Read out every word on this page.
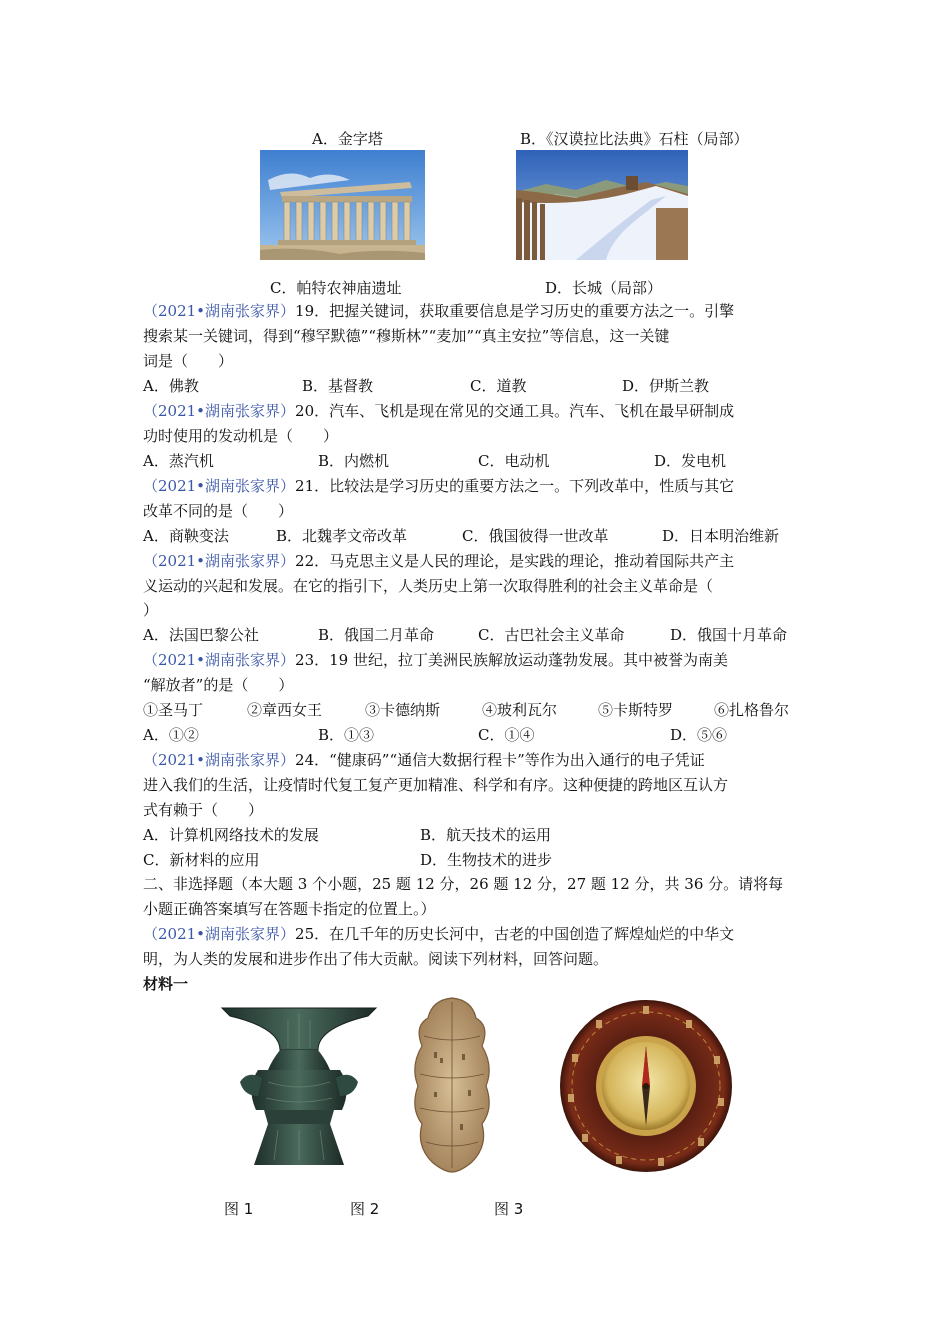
A．金字塔	B．《汉谟拉比法典》石柱（局部）
C．帕特农神庙遗址	D．长城（局部）
（2021•湖南张家界）19．把握关键词，获取重要信息是学习历史的重要方法之一。引擎
搜索某一关键词，得到“穆罕默德”“穆斯林”“麦加”“真主安拉”等信息，这一关键
词是（　　）
A．佛教	B．基督教	C．道教	D．伊斯兰教
（2021•湖南张家界）20．汽车、飞机是现在常见的交通工具。汽车、飞机在最早研制成
功时使用的发动机是（　　）
A．蒸汽机	B．内燃机	C．电动机	D．发电机
（2021•湖南张家界）21．比较法是学习历史的重要方法之一。下列改革中，性质与其它
改革不同的是（　　）
A．商鞅变法	B．北魏孝文帝改革	C．俄国彼得一世改革	D．日本明治维新
（2021•湖南张家界）22．马克思主义是人民的理论，是实践的理论，推动着国际共产主
义运动的兴起和发展。在它的指引下，人类历史上第一次取得胜利的社会主义革命是（
）
A．法国巴黎公社	B．俄国二月革命	C．古巴社会主义革命	D．俄国十月革命
（2021•湖南张家界）23．19 世纪，拉丁美洲民族解放运动蓬勃发展。其中被誉为南美
“解放者”的是（　　）
①圣马丁	②章西女王	③卡德纳斯	④玻利瓦尔	⑤卡斯特罗	⑥扎格鲁尔
A．①②	B．①③	C．①④	D．⑤⑥
（2021•湖南张家界）24．“健康码”“通信大数据行程卡”等作为出入通行的电子凭证
进入我们的生活，让疫情时代复工复产更加精准、科学和有序。这种便捷的跨地区互认方
式有赖于（　　）
A．计算机网络技术的发展	B．航天技术的运用
C．新材料的应用	D．生物技术的进步
二、非选择题（本大题 3 个小题，25 题 12 分，26 题 12 分，27 题 12 分，共 36 分。请将每
小题正确答案填写在答题卡指定的位置上。）
（2021•湖南张家界）25．在几千年的历史长河中，古老的中国创造了辉煌灿烂的中华文
明，为人类的发展和进步作出了伟大贡献。阅读下列材料，回答问题。
材料一
图 1	图 2	图 3
